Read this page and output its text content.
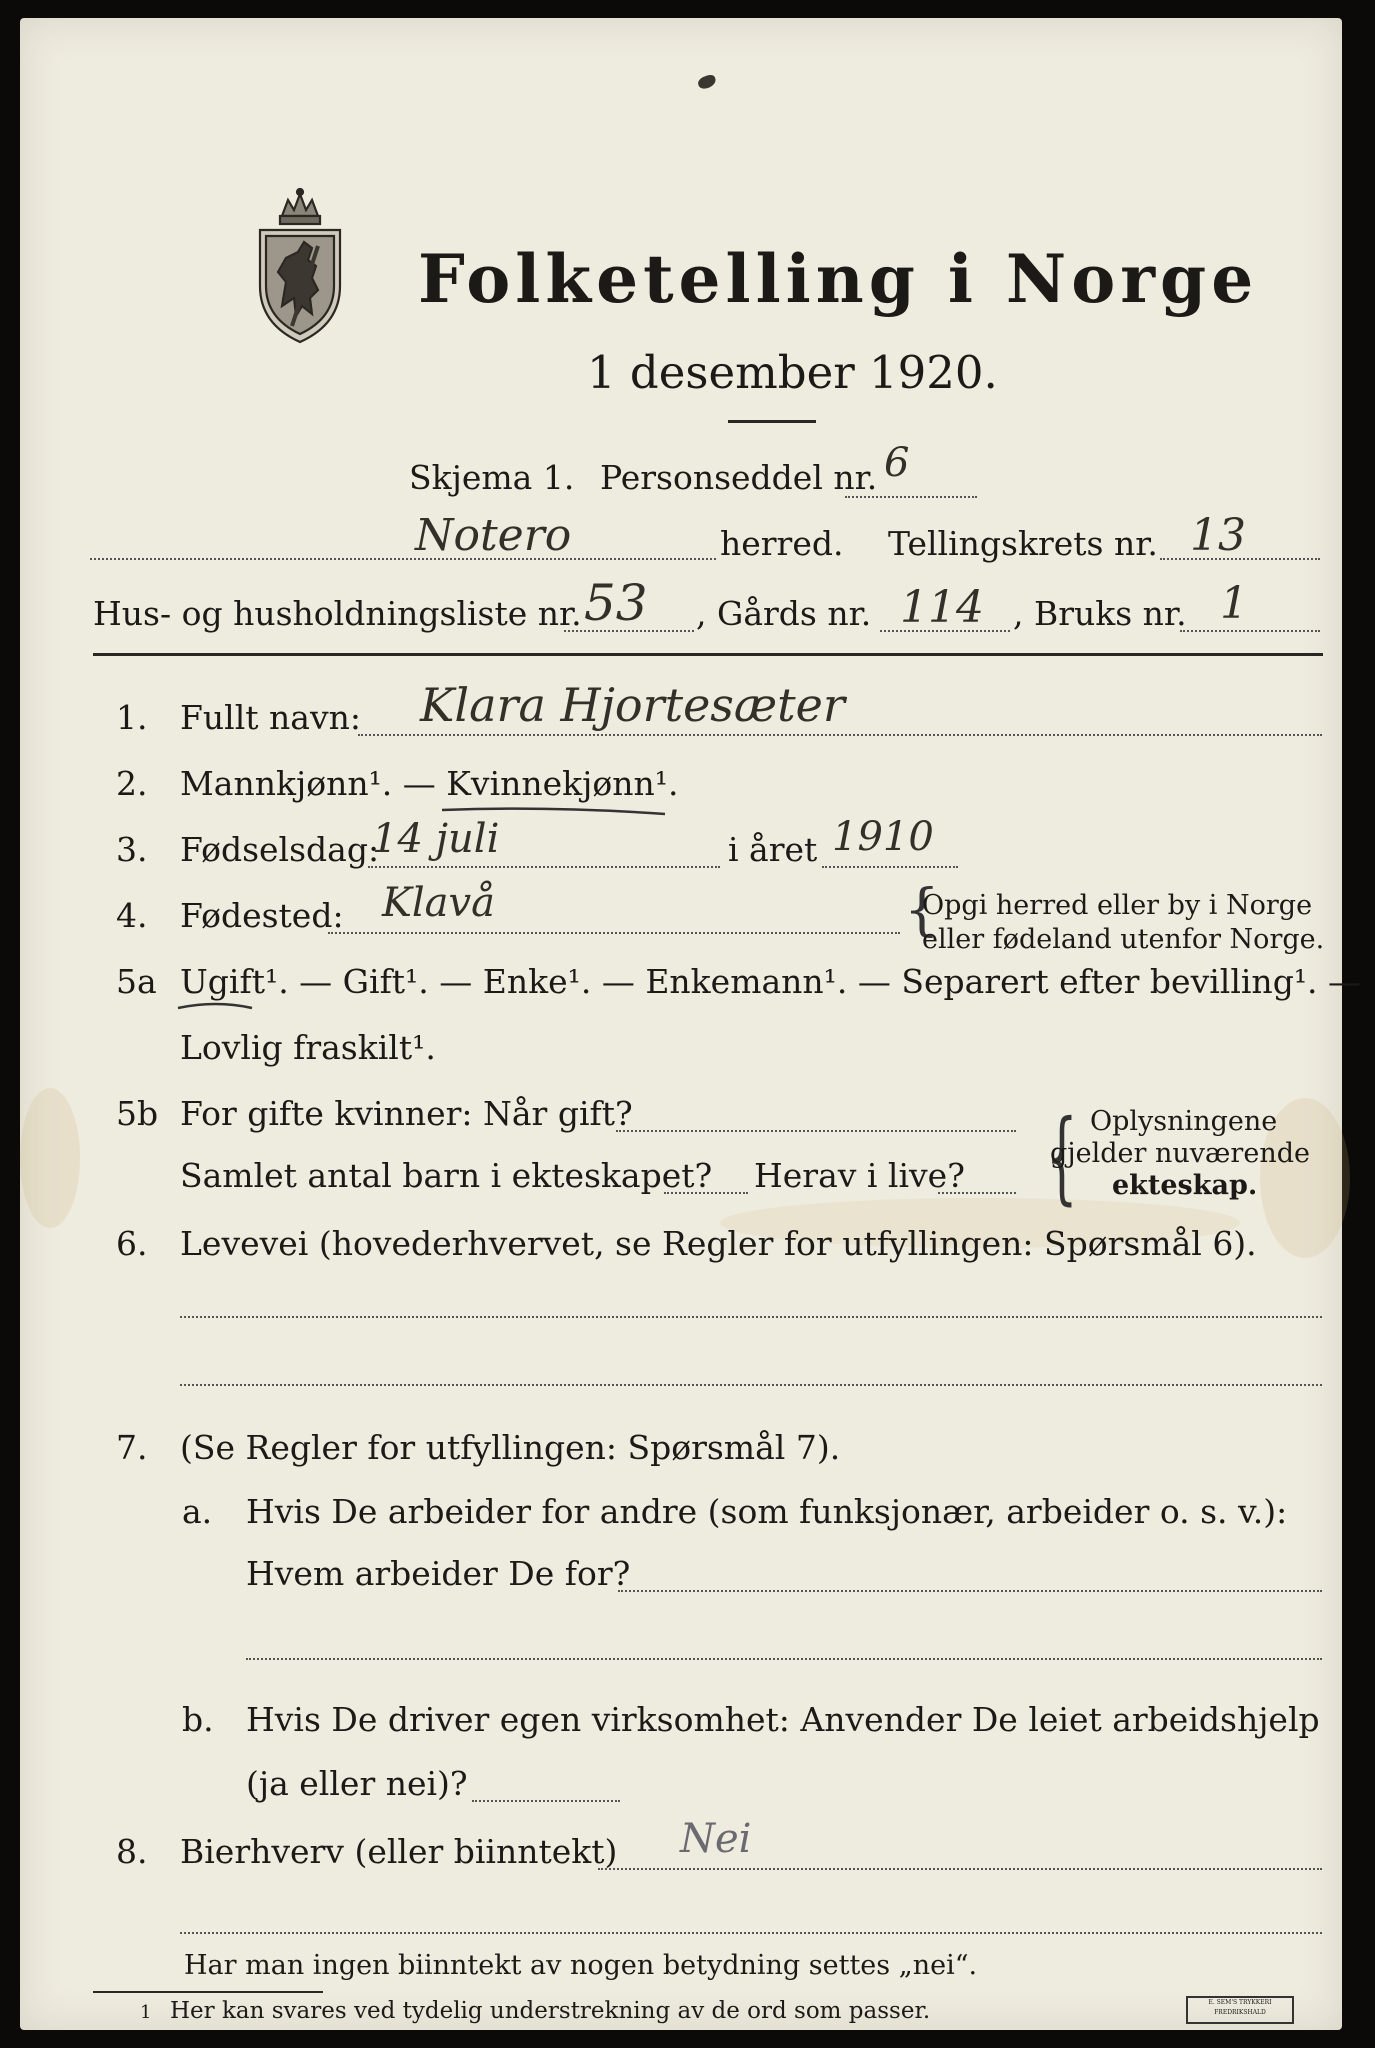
Folketelling i Norge
1 desember 1920.
Skjema 1. Personseddel nr. 6
Notero	herred. Tellingskrets nr. 13
Hus- og husholdningsliste nr. 53 , Gårds nr. 114 , Bruks nr. 1
1. Fullt navn: Klara Hjortesæter
2. Mannkjønn¹. — Kvinnekjønn¹.
3. Fødselsdag:
14 juli	i året 1910
4. Fødested: Klavå	{
Opgi herred eller by i Norge
eller fødeland utenfor Norge.
5a Ugift¹. — Gift¹. — Enke¹. — Enkemann¹. — Separert efter bevilling¹. —
Lovlig fraskilt¹.
5b For gifte kvinner: Når gift?
Samlet antal barn i ekteskapet? Herav i live? { Oplysningene
gjelder nuværende
ekteskap.
6. Levevei (hovederhvervet, se Regler for utfyllingen: Spørsmål 6).
7. (Se Regler for utfyllingen: Spørsmål 7).
a. Hvis De arbeider for andre (som funksjonær, arbeider o. s. v.):
Hvem arbeider De for?
b. Hvis De driver egen virksomhet: Anvender De leiet arbeidshjelp
(ja eller nei)?
8. Bierhverv (eller biinntekt) Nei
Har man ingen biinntekt av nogen betydning settes „nei“.
1 Her kan svares ved tydelig understrekning av de ord som passer.	E. SEM'S TRYKKERI FREDRIKSHALD
